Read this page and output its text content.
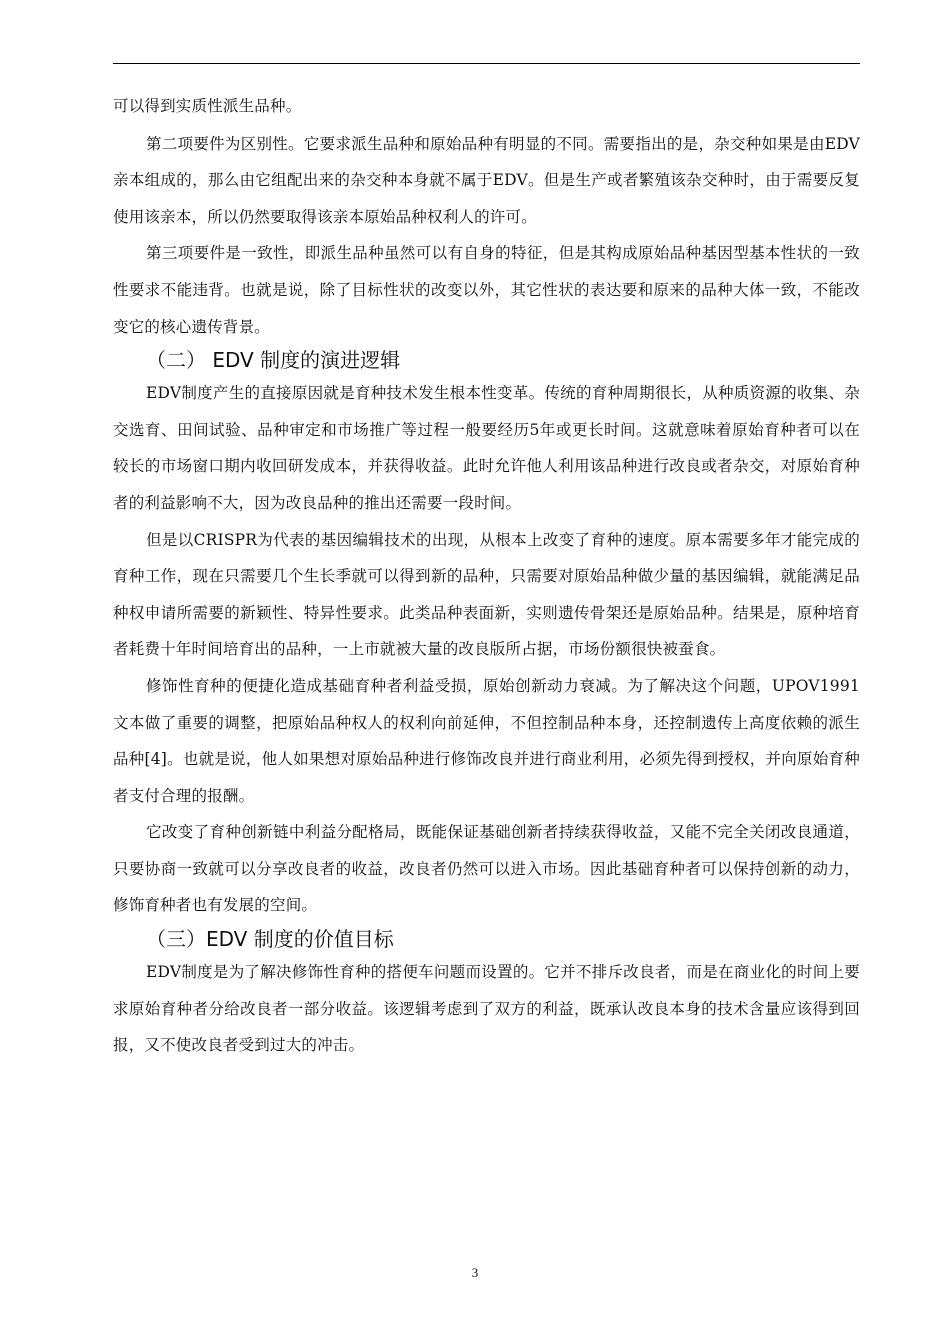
可以得到实质性派生品种。

第二项要件为区别性。它要求派生品种和原始品种有明显的不同。需要指出的是，杂交种如果是由EDV亲本组成的，那么由它组配出来的杂交种本身就不属于EDV。但是生产或者繁殖该杂交种时，由于需要反复使用该亲本，所以仍然要取得该亲本原始品种权利人的许可。

第三项要件是一致性，即派生品种虽然可以有自身的特征，但是其构成原始品种基因型基本性状的一致性要求不能违背。也就是说，除了目标性状的改变以外，其它性状的表达要和原来的品种大体一致，不能改变它的核心遗传背景。

（二） EDV 制度的演进逻辑

EDV制度产生的直接原因就是育种技术发生根本性变革。传统的育种周期很长，从种质资源的收集、杂交选育、田间试验、品种审定和市场推广等过程一般要经历5年或更长时间。这就意味着原始育种者可以在较长的市场窗口期内收回研发成本，并获得收益。此时允许他人利用该品种进行改良或者杂交，对原始育种者的利益影响不大，因为改良品种的推出还需要一段时间。

但是以CRISPR为代表的基因编辑技术的出现，从根本上改变了育种的速度。原本需要多年才能完成的育种工作，现在只需要几个生长季就可以得到新的品种，只需要对原始品种做少量的基因编辑，就能满足品种权申请所需要的新颖性、特异性要求。此类品种表面新，实则遗传骨架还是原始品种。结果是，原种培育者耗费十年时间培育出的品种，一上市就被大量的改良版所占据，市场份额很快被蚕食。

修饰性育种的便捷化造成基础育种者利益受损，原始创新动力衰减。为了解决这个问题，UPOV1991文本做了重要的调整，把原始品种权人的权利向前延伸，不但控制品种本身，还控制遗传上高度依赖的派生品种[4]。也就是说，他人如果想对原始品种进行修饰改良并进行商业利用，必须先得到授权，并向原始育种者支付合理的报酬。

它改变了育种创新链中利益分配格局，既能保证基础创新者持续获得收益，又能不完全关闭改良通道，只要协商一致就可以分享改良者的收益，改良者仍然可以进入市场。因此基础育种者可以保持创新的动力，修饰育种者也有发展的空间。

（三）EDV 制度的价值目标

EDV制度是为了解决修饰性育种的搭便车问题而设置的。它并不排斥改良者，而是在商业化的时间上要求原始育种者分给改良者一部分收益。该逻辑考虑到了双方的利益，既承认改良本身的技术含量应该得到回报，又不使改良者受到过大的冲击。

3
